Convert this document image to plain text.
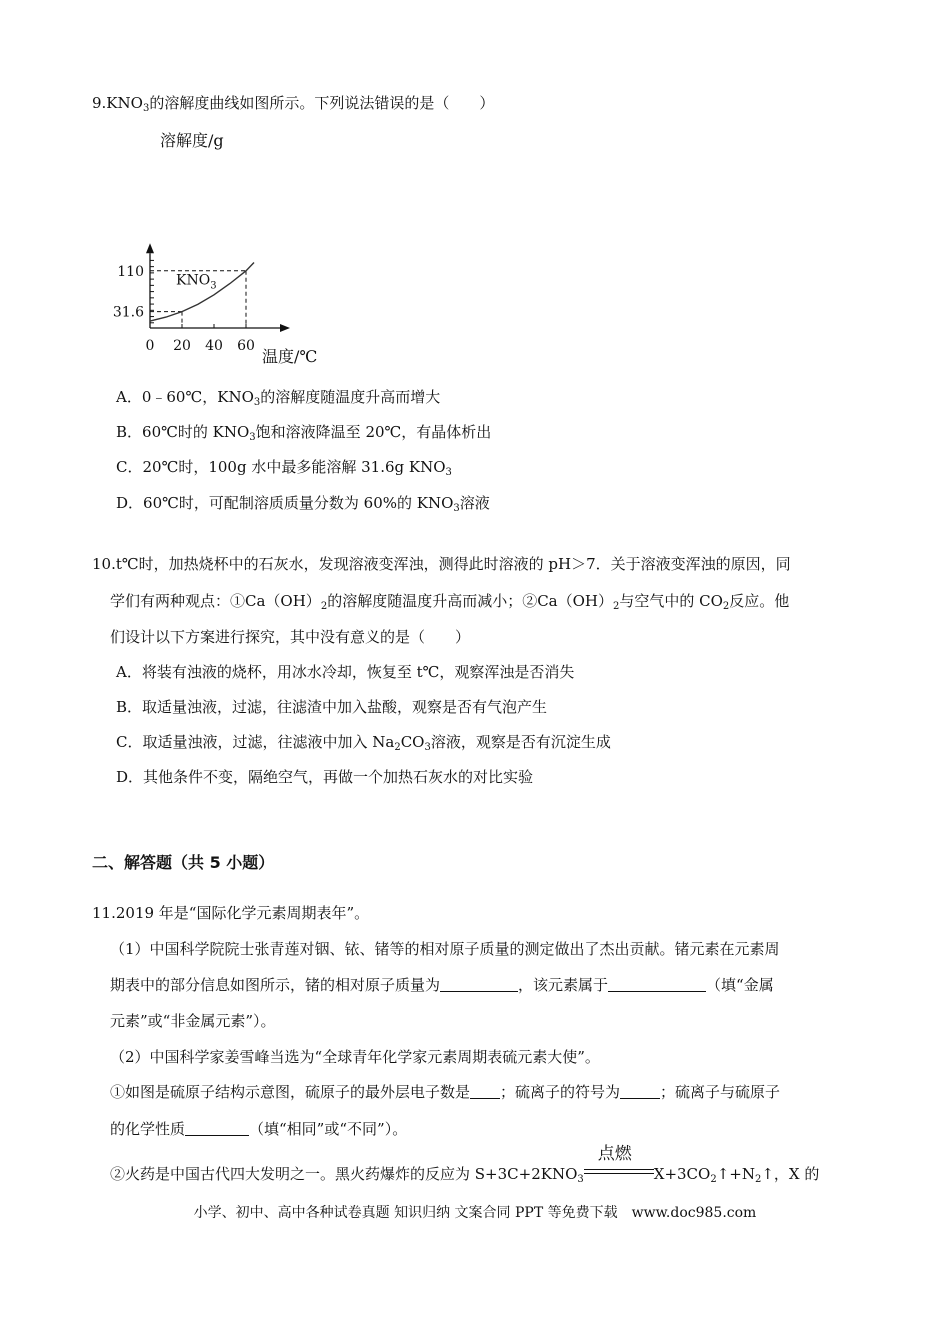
$9.KNO_3$的溶解度曲线如图所示。下列说法错误的是（　　）
0 20 40 60
31.6
110
溶解度/g
温度/℃
$KNO_3$
A．0﹣60℃，$KNO_3$的溶解度随温度升高而增大
B．60℃时的 $KNO_3$饱和溶液降温至 20℃，有晶体析出
C．20℃时，100g 水中最多能溶解 31.6g $KNO_3$
D．60℃时，可配制溶质质量分数为 60%的 $KNO_3$溶液
10.t℃时，加热烧杯中的石灰水，发现溶液变浑浊，测得此时溶液的 pH＞7．关于溶液变浑浊的原因，同
学们有两种观点：$①Ca(OH)_2$的溶解度随温度升高而减小；$②Ca(OH)_2$与空气中的 $CO_2$反应。他
们设计以下方案进行探究，其中没有意义的是（　　）
A．将装有浊液的烧杯，用冰水冷却，恢复至 t℃，观察浑浊是否消失
B．取适量浊液，过滤，往滤渣中加入盐酸，观察是否有气泡产生
C．取适量浊液，过滤，往滤液中加入 $Na_2CO_3$溶液，观察是否有沉淀生成
D．其他条件不变，隔绝空气，再做一个加热石灰水的对比实验
二、解答题（共 5 小题）
11.2019 年是“国际化学元素周期表年”。
（1）中国科学院院士张青莲对铟、铱、锗等的相对原子质量的测定做出了杰出贡献。锗元素在元素周
期表中的部分信息如图所示，锗的相对原子质量为	，该元素属于	（填“金属
元素”或“非金属元素”）。
（2）中国科学家姜雪峰当选为“全球青年化学家元素周期表硫元素大使”。
①如图是硫原子结构示意图，硫原子的最外层电子数是 ；硫离子的符号为	；硫离子与硫原子
的化学性质	（填“相同”或“不同”）。
②火药是中国古代四大发明之一。黑火药爆炸的反应为 $S+3C+2KNO_3$
点燃
$X+3CO_2↑+N_2↑$，X 的
小学、初中、高中各种试卷真题 知识归纳 文案合同 PPT 等免费下载　www.doc985.com
